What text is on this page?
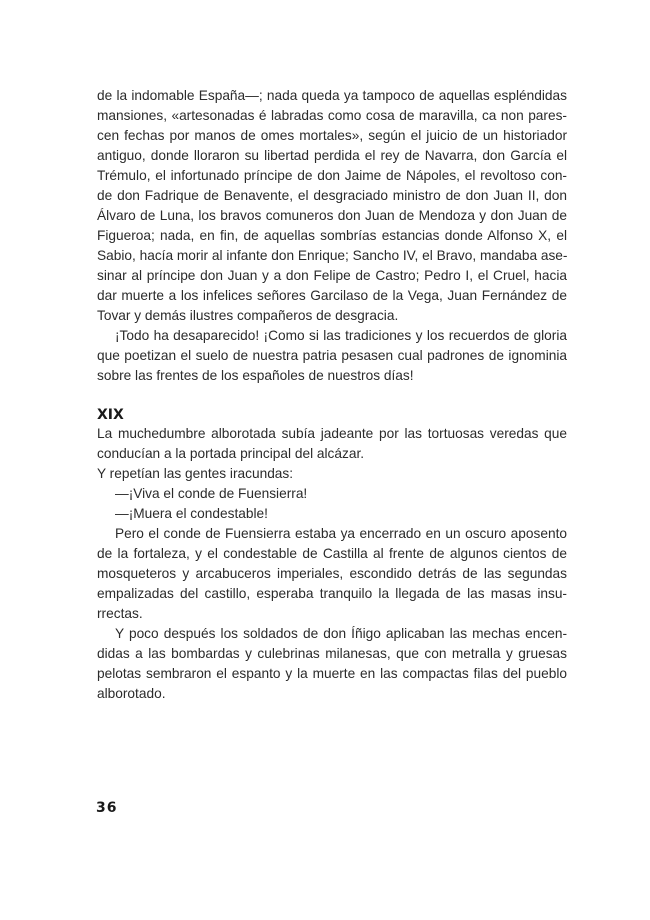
de la indomable España—; nada queda ya tampoco de aquellas espléndidas

mansiones, «artesonadas é labradas como cosa de maravilla, ca non pares-

cen fechas por manos de omes mortales», según el juicio de un historiador

antiguo, donde lloraron su libertad perdida el rey de Navarra, don García el

Trémulo, el infortunado príncipe de don Jaime de Nápoles, el revoltoso con-

de don Fadrique de Benavente, el desgraciado ministro de don Juan II, don

Álvaro de Luna, los bravos comuneros don Juan de Mendoza y don Juan de

Figueroa; nada, en fin, de aquellas sombrías estancias donde Alfonso X, el

Sabio, hacía morir al infante don Enrique; Sancho IV, el Bravo, mandaba ase-

sinar al príncipe don Juan y a don Felipe de Castro; Pedro I, el Cruel, hacia

dar muerte a los infelices señores Garcilaso de la Vega, Juan Fernández de

Tovar y demás ilustres compañeros de desgracia.

¡Todo ha desaparecido! ¡Como si las tradiciones y los recuerdos de gloria

que poetizan el suelo de nuestra patria pesasen cual padrones de ignominia

sobre las frentes de los españoles de nuestros días!

XIX

La muchedumbre alborotada subía jadeante por las tortuosas veredas que

conducían a la portada principal del alcázar.

Y repetían las gentes iracundas:

—¡Viva el conde de Fuensierra!

—¡Muera el condestable!

Pero el conde de Fuensierra estaba ya encerrado en un oscuro aposento

de la fortaleza, y el condestable de Castilla al frente de algunos cientos de

mosqueteros y arcabuceros imperiales, escondido detrás de las segundas

empalizadas del castillo, esperaba tranquilo la llegada de las masas insu-

rrectas.

Y poco después los soldados de don Íñigo aplicaban las mechas encen-

didas a las bombardas y culebrinas milanesas, que con metralla y gruesas

pelotas sembraron el espanto y la muerte en las compactas filas del pueblo

alborotado.

36
